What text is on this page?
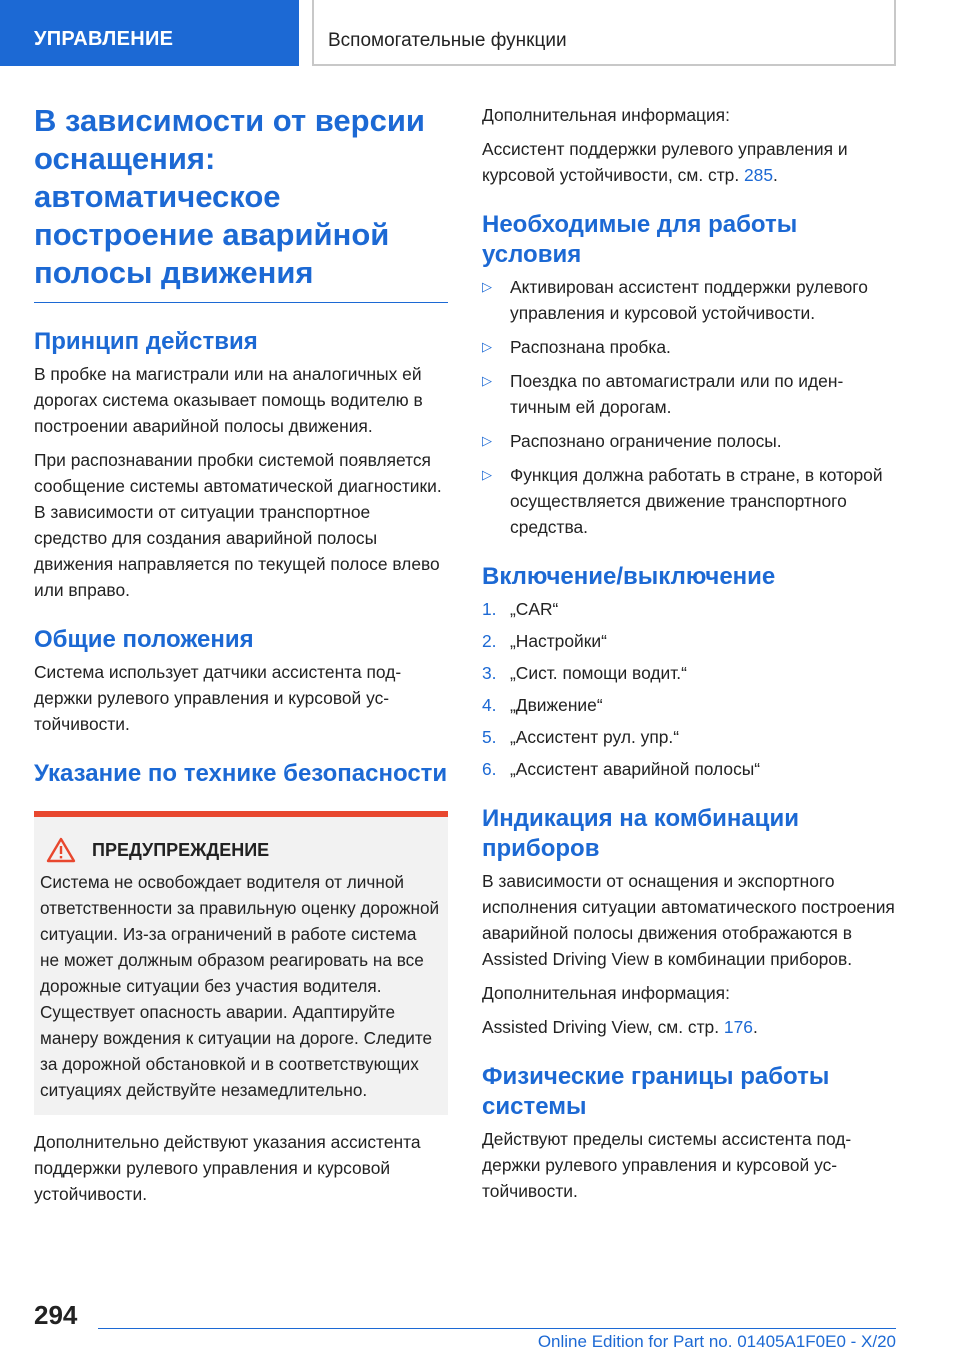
УПРАВЛЕНИЕ	Вспомогательные функции
В зависимости от версии оснащения: автоматическое построение аварийной полосы движения
Принцип действия

В пробке на магистрали или на аналогичных ей дорогах система оказывает помощь водителю в построении аварийной полосы движения.

При распознавании пробки системой появляется сообщение системы автоматической диагностики. В зависимости от ситуации транспортное средство для создания аварийной полосы движения направляется по текущей полосе влево или вправо.

Общие положения

Система использует датчики ассистента поддержки рулевого управления и курсовой устойчивости.

Указание по технике безопасности
ПРЕДУПРЕЖДЕНИЕ

Система не освобождает водителя от личной ответственности за правильную оценку дорожной ситуации. Из-за ограничений в работе система не может должным образом реагировать на все дорожные ситуации без участия водителя. Существует опасность аварии. Адаптируйте манеру вождения к ситуации на дороге. Следите за дорожной обстановкой и в соответствующих ситуациях действуйте незамедлительно.

Дополнительно действуют указания ассистента поддержки рулевого управления и курсовой устойчивости.

Дополнительная информация:

Ассистент поддержки рулевого управления и курсовой устойчивости, см. стр. 285.

Необходимые для работы условия
▷ Активирован ассистент поддержки рулевого управления и курсовой устойчивости.
▷ Распознана пробка.
▷ Поездка по автомагистрали или по идентичным ей дорогам.
▷ Распознано ограничение полосы.
▷ Функция должна работать в стране, в которой осуществляется движение транспортного средства.
Включение/выключение
1. „CAR“
2. „Настройки“
3. „Сист. помощи водит.“
4. „Движение“
5. „Ассистент рул. упр.“
6. „Ассистент аварийной полосы“
Индикация на комбинации приборов

В зависимости от оснащения и экспортного исполнения ситуации автоматического построения аварийной полосы движения отображаются в Assisted Driving View в комбинации приборов.

Дополнительная информация:

Assisted Driving View, см. стр. 176.

Физические границы работы системы

Действуют пределы системы ассистента поддержки рулевого управления и курсовой устойчивости.

294
Online Edition for Part no. 01405A1F0E0 - X/20
